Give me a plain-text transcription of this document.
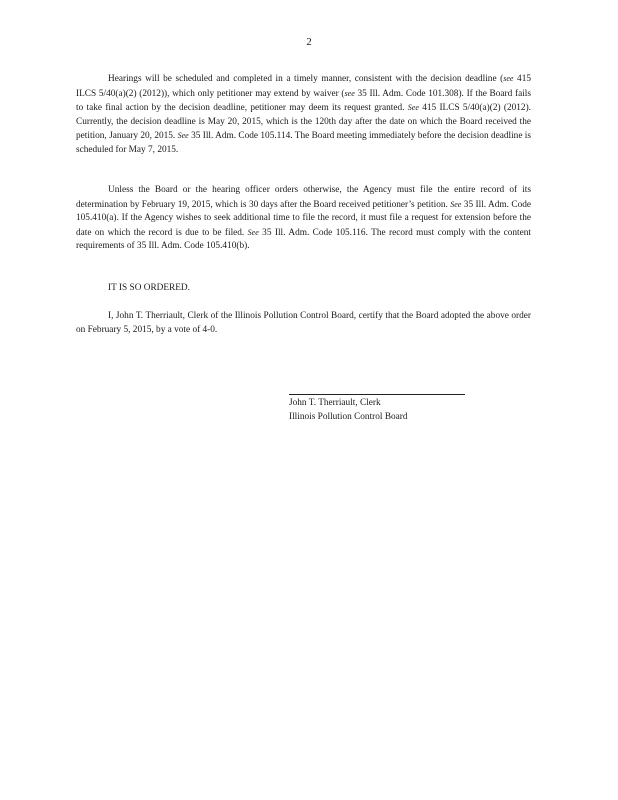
2

Hearings will be scheduled and completed in a timely manner, consistent with the decision deadline (see 415 ILCS 5/40(a)(2) (2012)), which only petitioner may extend by waiver (see 35 Ill. Adm. Code 101.308). If the Board fails to take final action by the decision deadline, petitioner may deem its request granted. See 415 ILCS 5/40(a)(2) (2012). Currently, the decision deadline is May 20, 2015, which is the 120th day after the date on which the Board received the petition, January 20, 2015. See 35 Ill. Adm. Code 105.114. The Board meeting immediately before the decision deadline is scheduled for May 7, 2015.

Unless the Board or the hearing officer orders otherwise, the Agency must file the entire record of its determination by February 19, 2015, which is 30 days after the Board received petitioner’s petition. See 35 Ill. Adm. Code 105.410(a). If the Agency wishes to seek additional time to file the record, it must file a request for extension before the date on which the record is due to be filed. See 35 Ill. Adm. Code 105.116. The record must comply with the content requirements of 35 Ill. Adm. Code 105.410(b).

IT IS SO ORDERED.

I, John T. Therriault, Clerk of the Illinois Pollution Control Board, certify that the Board adopted the above order on February 5, 2015, by a vote of 4-0.

John T. Therriault, Clerk
Illinois Pollution Control Board
